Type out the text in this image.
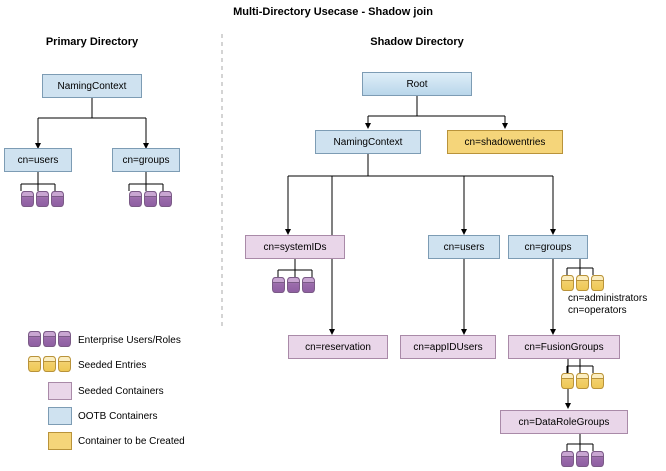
Multi-Directory Usecase - Shadow join
Primary Directory	Shadow Directory
NamingContext
cn=users	cn=groups
Root
NamingContext	cn=shadowentries
cn=systemIDs	cn=users	cn=groups
cn=administrators
cn=operators
cn=reservation	cn=appIDUsers	cn=FusionGroups
cn=DataRoleGroups
Enterprise Users/Roles
Seeded Entries
Seeded Containers
OOTB Containers
Container to be Created
